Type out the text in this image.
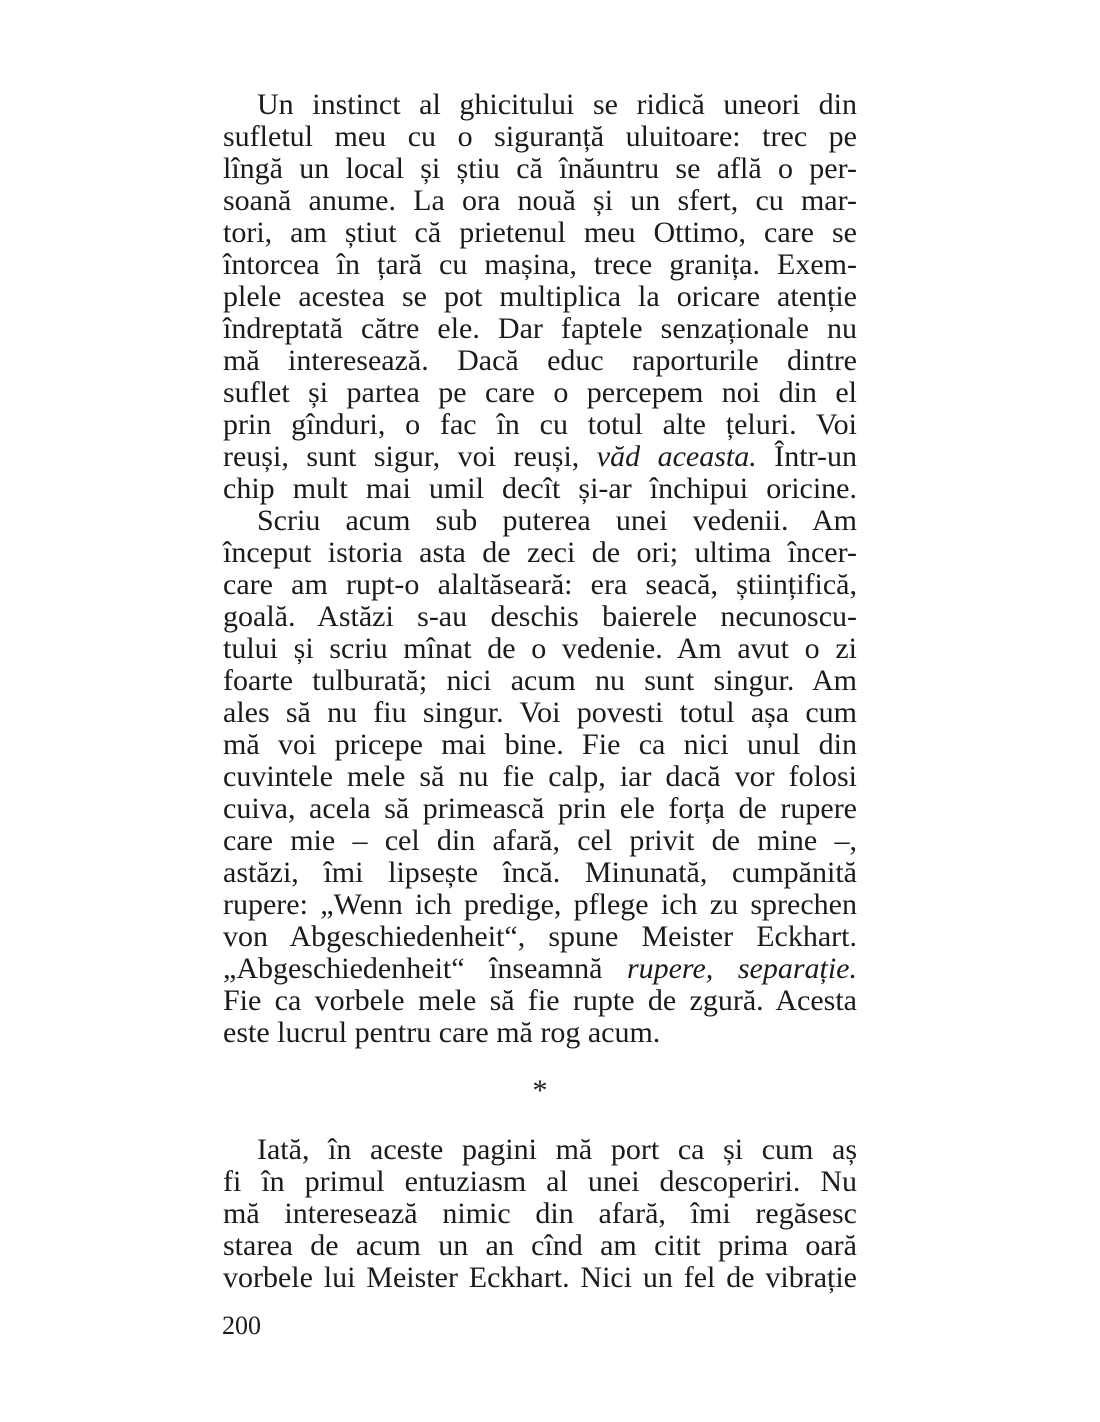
Un instinct al ghicitului se ridică uneori din
sufletul meu cu o siguranță uluitoare: trec pe
lîngă un local și știu că înăuntru se află o per-
soană anume. La ora nouă și un sfert, cu mar-
tori, am știut că prietenul meu Ottimo, care se
întorcea în țară cu mașina, trece granița. Exem-
plele acestea se pot multiplica la oricare atenție
îndreptată către ele. Dar faptele senzaționale nu
mă interesează. Dacă educ raporturile dintre
suflet și partea pe care o percepem noi din el
prin gînduri, o fac în cu totul alte țeluri. Voi
reuși, sunt sigur, voi reuși, văd aceasta. Într-un
chip mult mai umil decît și-ar închipui oricine.
Scriu acum sub puterea unei vedenii. Am
început istoria asta de zeci de ori; ultima încer-
care am rupt-o alaltăseară: era seacă, științifică,
goală. Astăzi s-au deschis baierele necunoscu-
tului și scriu mînat de o vedenie. Am avut o zi
foarte tulburată; nici acum nu sunt singur. Am
ales să nu fiu singur. Voi povesti totul așa cum
mă voi pricepe mai bine. Fie ca nici unul din
cuvintele mele să nu fie calp, iar dacă vor folosi
cuiva, acela să primească prin ele forța de rupere
care mie – cel din afară, cel privit de mine –,
astăzi, îmi lipsește încă. Minunată, cumpănită
rupere: „Wenn ich predige, pflege ich zu sprechen
von Abgeschiedenheit“, spune Meister Eckhart.
„Abgeschiedenheit“ înseamnă rupere, separație.
Fie ca vorbele mele să fie rupte de zgură. Acesta
este lucrul pentru care mă rog acum.
*
Iată, în aceste pagini mă port ca și cum aș
fi în primul entuziasm al unei descoperiri. Nu
mă interesează nimic din afară, îmi regăsesc
starea de acum un an cînd am citit prima oară
vorbele lui Meister Eckhart. Nici un fel de vibrație
200
